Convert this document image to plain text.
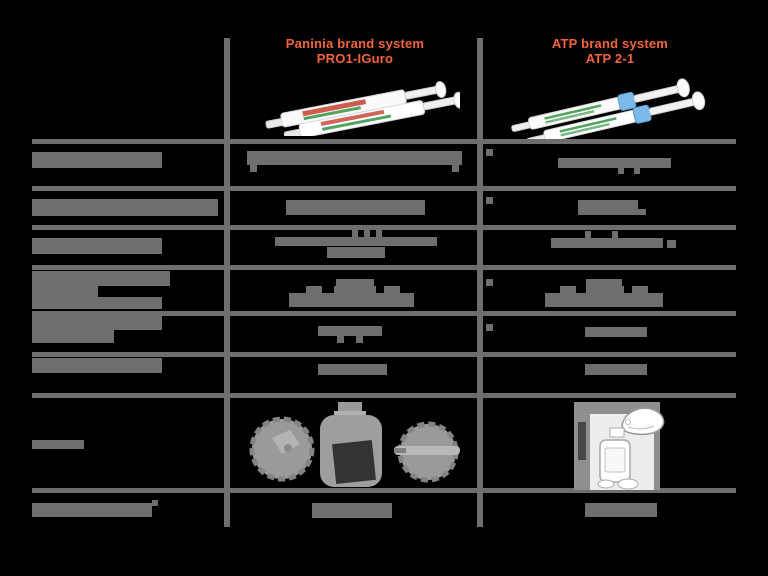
Paninia brand system
PRO1-IGuro
ATP brand system
ATP 2-1
